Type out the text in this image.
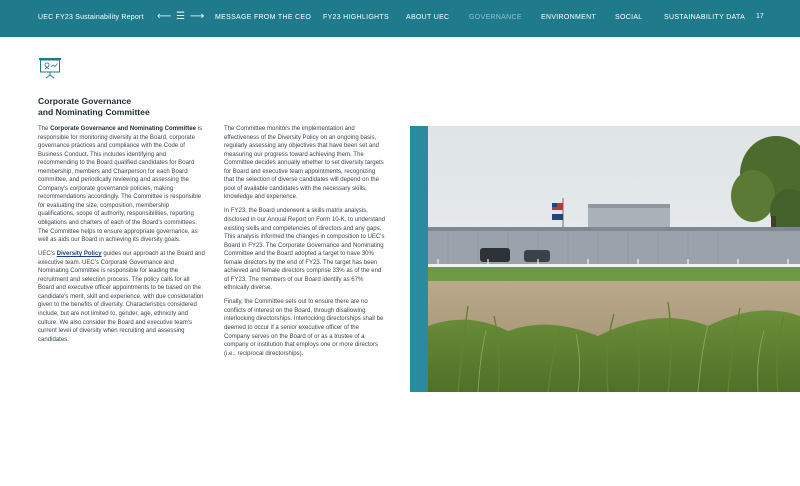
UEC FY23 Sustainability Report ⟵ ☰ ⟶ MESSAGE FROM THE CEO FY23 HIGHLIGHTS ABOUT UEC	GOVERNANCE	ENVIRONMENT	SOCIAL	SUSTAINABILITY DATA 17
Corporate Governance
and Nominating Committee

The Corporate Governance and Nominating Committee is responsible for monitoring diversity at the Board, corporate governance practices and compliance with the Code of Business Conduct. This includes identifying and recommending to the Board qualified candidates for Board membership, members and Chairperson for each Board committee, and periodically reviewing and assessing the Company's corporate governance policies, making recommendations accordingly. The Committee is responsible for evaluating the size, composition, membership qualifications, scope of authority, responsibilities, reporting obligations and charters of each of the Board's committees. The Committee helps to ensure appropriate governance, as well as aids our Board in achieving its diversity goals.

UEC's Diversity Policy guides our approach at the Board and executive team. UEC's Corporate Governance and Nominating Committee is responsible for leading the recruitment and selection process. The policy calls for all Board and executive officer appointments to be based on the candidate's merit, skill and experience, with due consideration given to the benefits of diversity. Characteristics considered include, but are not limited to, gender, age, ethnicity and culture. We also consider the Board and executive team's current level of diversity when recruiting and assessing candidates.

The Committee monitors the implementation and effectiveness of the Diversity Policy on an ongoing basis, regularly assessing any objectives that have been set and measuring our progress toward achieving them. The Committee decides annually whether to set diversity targets for Board and executive team appointments, recognizing that the selection of diverse candidates will depend on the pool of available candidates with the necessary skills, knowledge and experience.

In FY23, the Board underwent a skills matrix analysis, disclosed in our Annual Report on Form 10-K, to understand existing skills and competencies of directors and any gaps. This analysis informed the changes in composition to UEC's Board in FY23. The Corporate Governance and Nominating Committee and the Board adopted a target to have 30% female directors by the end of FY23. The target has been achieved and female directors comprise 33% as of the end of FY23. The members of our Board identify as 67% ethnically diverse.

Finally, the Committee sets out to ensure there are no conflicts of interest on the Board, through disallowing interlocking directorships. Interlocking directorships shall be deemed to occur if a senior executive officer of the Company serves on the Board of or as a trustee of a company or institution that employs one or more directors (i.e., reciprocal directorships).
